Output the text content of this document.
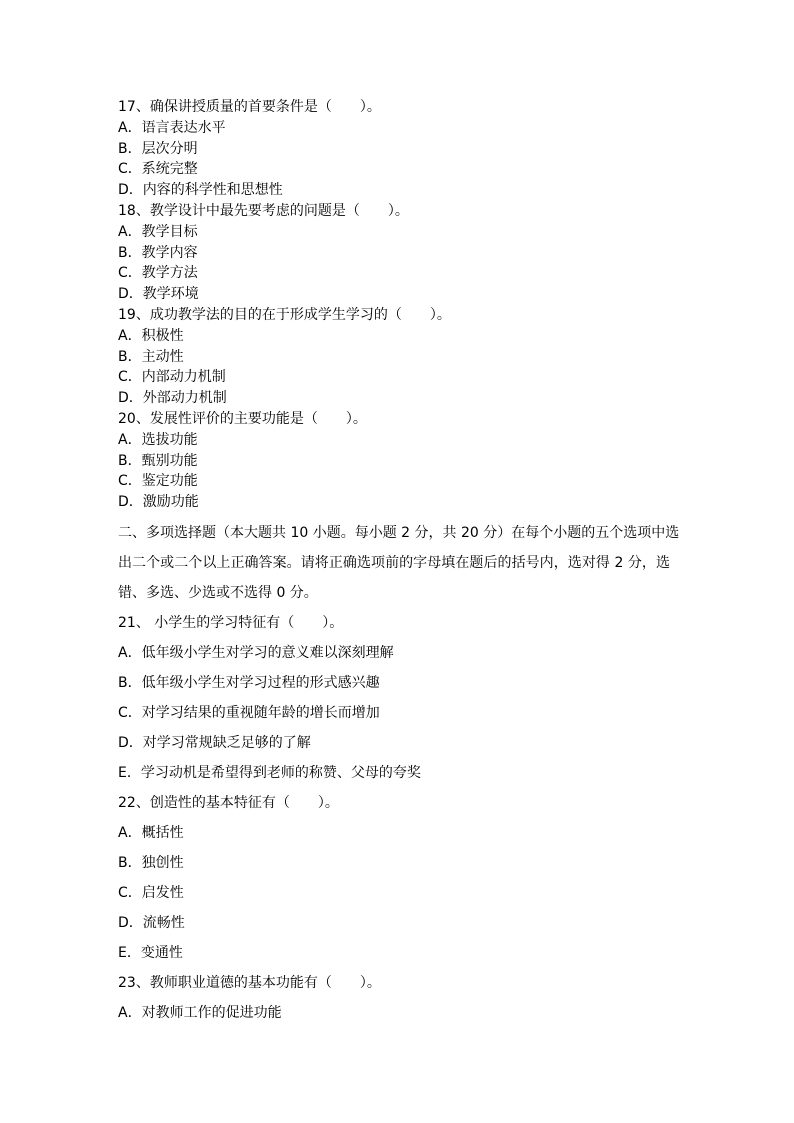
17、确保讲授质量的首要条件是（　　）。
A．语言表达水平
B．层次分明
C．系统完整
D．内容的科学性和思想性
18、教学设计中最先要考虑的问题是（　　）。
A．教学目标
B．教学内容
C．教学方法
D．教学环境
19、成功教学法的目的在于形成学生学习的（　　）。
A．积极性
B．主动性
C．内部动力机制
D．外部动力机制
20、发展性评价的主要功能是（　　）。
A．选拔功能
B．甄别功能
C．鉴定功能
D．激励功能
二、多项选择题（本大题共 10 小题。每小题 2 分，共 20 分）在每个小题的五个选项中选
出二个或二个以上正确答案。请将正确选项前的字母填在题后的括号内，选对得 2 分，选
错、多选、少选或不选得 0 分。
21、 小学生的学习特征有（　　）。
A．低年级小学生对学习的意义难以深刻理解
B．低年级小学生对学习过程的形式感兴趣
C．对学习结果的重视随年龄的增长而增加
D．对学习常规缺乏足够的了解
E．学习动机是希望得到老师的称赞、父母的夸奖
22、创造性的基本特征有（　　）。
A．概括性
B．独创性
C．启发性
D．流畅性
E．变通性
23、教师职业道德的基本功能有（　　）。
A．对教师工作的促进功能
